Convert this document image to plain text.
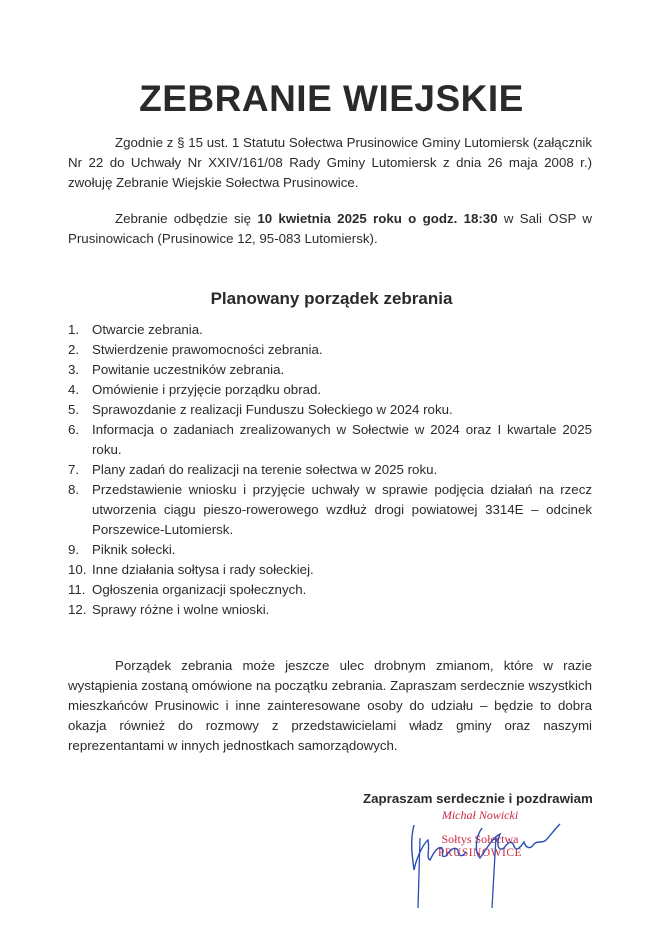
ZEBRANIE WIEJSKIE
Zgodnie z § 15 ust. 1 Statutu Sołectwa Prusinowice Gminy Lutomiersk (załącznik Nr 22 do Uchwały Nr XXIV/161/08 Rady Gminy Lutomiersk z dnia 26 maja 2008 r.) zwołuję Zebranie Wiejskie Sołectwa Prusinowice.
Zebranie odbędzie się 10 kwietnia 2025 roku o godz. 18:30 w Sali OSP w Prusinowicach (Prusinowice 12, 95-083 Lutomiersk).
Planowany porządek zebrania
1. Otwarcie zebrania.
2. Stwierdzenie prawomocności zebrania.
3. Powitanie uczestników zebrania.
4. Omówienie i przyjęcie porządku obrad.
5. Sprawozdanie z realizacji Funduszu Sołeckiego w 2024 roku.
6. Informacja o zadaniach zrealizowanych w Sołectwie w 2024 oraz I kwartale 2025 roku.
7. Plany zadań do realizacji na terenie sołectwa w 2025 roku.
8. Przedstawienie wniosku i przyjęcie uchwały w sprawie podjęcia działań na rzecz utworzenia ciągu pieszo-rowerowego wzdłuż drogi powiatowej 3314E – odcinek Porszewice-Lutomiersk.
9. Piknik sołecki.
10. Inne działania sołtysa i rady sołeckiej.
11. Ogłoszenia organizacji społecznych.
12. Sprawy różne i wolne wnioski.
Porządek zebrania może jeszcze ulec drobnym zmianom, które w razie wystąpienia zostaną omówione na początku zebrania. Zapraszam serdecznie wszystkich mieszkańców Prusinowic i inne zainteresowane osoby do udziału – będzie to dobra okazja również do rozmowy z przedstawicielami władz gminy oraz naszymi reprezentantami w innych jednostkach samorządowych.
Zapraszam serdecznie i pozdrawiam
Michał Nowicki
Sołtys Sołectwa
PRUSINOWICE
